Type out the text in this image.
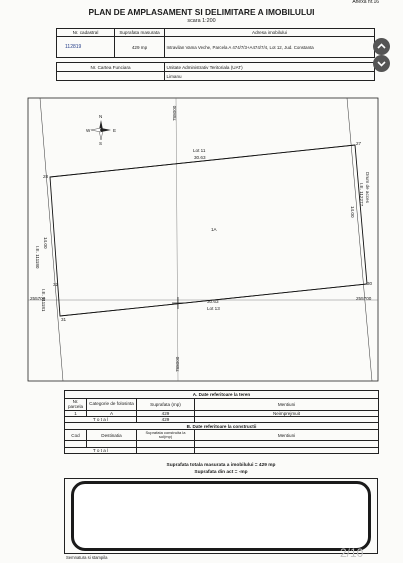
Anexa nr.16
PLAN DE AMPLASAMENT SI DELIMITARE A IMOBILULUI
scara 1:200
Nr. cadastral	Suprafata masurata	Adresa imobilului
112819	429 mp	Intravilan Vama Veche, Parcela A 474/7/3+A474/7/4, Lot 12, Jud. Constanta
Nr. Cartea Funciara	Unitate Administrativ Teritoriala (UAT)
	Limanu
N
S
E
W
788000
788000
255700	255700
27
28
30
32
31
Lot 11
30.63
30.63
Lot 13
1A
Drum de acces
I.E. 112277
14.00
I.E. 111180
14.00
I.E. 111181
A. Date referitoare la teren			
Nr. parcela	Categorie de folosinta	Suprafata (mp)	Mentiuni
1	A	429	Neimprejmuit
T o t a l		429	
B. Date referitoare la constructii			
Cod	Destinatia	Suprafata construita la sol(mp)	Mentiuni

T o t a l			
Suprafata totala masurata a imobilului = 429 mp
Suprafata din act = -mp
Semnatura si stampila	2/10
